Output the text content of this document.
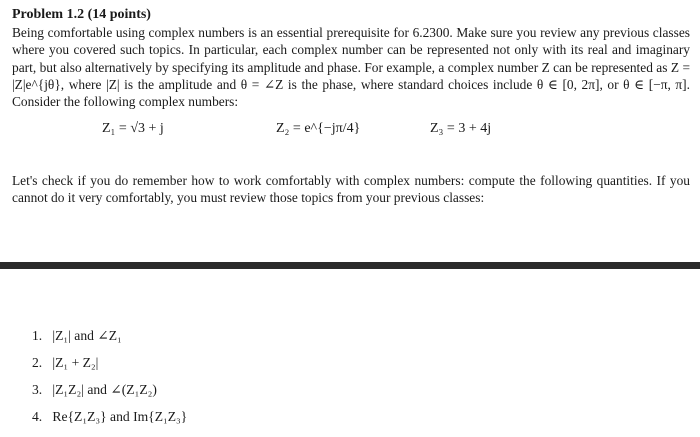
Problem 1.2 (14 points)

Being comfortable using complex numbers is an essential prerequisite for 6.2300. Make sure you review any previous classes where you covered such topics. In particular, each complex number can be represented not only with its real and imaginary part, but also alternatively by specifying its amplitude and phase. For example, a complex number Z can be represented as Z = |Z|e^{jθ}, where |Z| is the amplitude and θ = ∠Z is the phase, where standard choices include θ ∈ [0, 2π], or θ ∈ [−π, π]. Consider the following complex numbers:

Z₁ = √3 + j	Z₂ = e^{−jπ/4}	Z₃ = 3 + 4j

Let's check if you do remember how to work comfortably with complex numbers: compute the following quantities. If you cannot do it very comfortably, you must review those topics from your previous classes:

1. |Z₁| and ∠Z₁
2. |Z₁ + Z₂|
3. |Z₁Z₂| and ∠(Z₁Z₂)
4. Re{Z₁Z₃} and Im{Z₁Z₃}
